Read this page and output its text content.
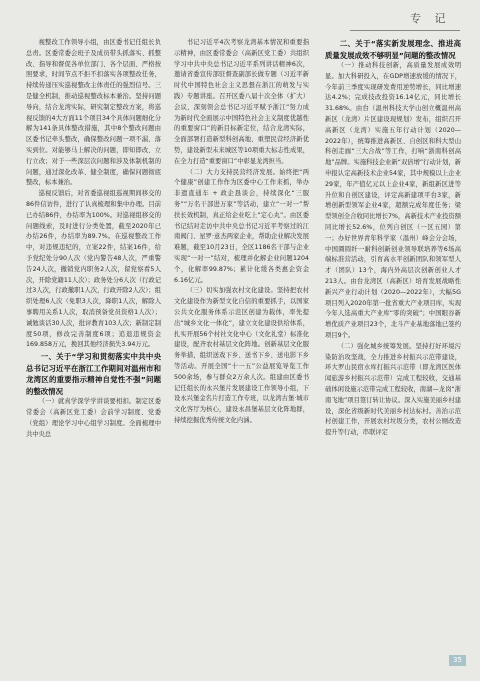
专 记

视整改工作领导小组，由区委书记任组长负总责。区委常委会班子及成员带头抓落实、抓整改、指导和督促各单位部门、各个层面、严格按照要求，时间节点不拒不扣落实各项整改任务，持续传递压实巡视整改主体责任的强烈信号。三是健全机制，推动巡视整改标本兼治。坚持问题导向，结合龙湾实际，研究制定整改方案，将巡视反馈的4大方面11个项目34个具体问题细化分解为141条具体整改措施，其中8个整改问题由区委书记牵头整改，确保整改问题一项不漏、落实到位。对能够马上解决的问题，即知即改、立行立改；对于一些深层次问题和涉及体制机制的问题，通过深化改革、健全制度，确保问题彻底整改，标本兼治。

巡视反馈后，对省委巡视组巡视期间移交的86件信访件，进行了认真梳理和集中办理。目前已办结86件，办结率为100%。对巡视组移交的问题线索，及时进行分类处置，截至2020年已办结26件，办结率为89.7%。在巡视整改工作中，对违规违纪的，立案22件，结案16件，给予党纪处分90人次（党内警告48人次，严重警告24人次，撤销党内职务2人次，留党察看5人次，开除党籍11人次）；政务处分6人次（行政记过3人次，行政撤职1人次，行政开除2人次）；组织处理6人次（免职3人次，降职1人次，解除人事聘用关系1人次，取消预备党员资格1人次）；诫勉谈话30人次，批评教育103人次；新制定制度50项，修改完善制度6项；追退违规资金169.858万元，挽回其他经济损失3.94万元。

一、关于“学习和贯彻落实中共中央总书记习近平在浙江工作期间对温州市和龙湾区的重要指示精神自觉性不强”问题的整改情况

（一）就真学深学学讲谈要相扣。制定区委常委会（高新区党工委）会前学习制度、党委（党组）理论学习中心组学习制度。全面梳理中共中央总

书记习近平4次考察龙湾基本情况和重要指示精神，由区委常委会（高新区党工委）共组织学习中共中央总书记习近平系列讲话精神6次，邀请省委宣传部驻督查副部长做专题（习近平新时代中国特色社会主义思想在浙江的萌发与实践）专题讲座。召开区委八届十次全体（扩大）会议，深刻领会总书记习近平赋予浙江“努力成为新时代全面展示中国特色社会主义制度优越性的重要窗口”的新目标新定位，结合龙湾实际，全面部署打造新型科创高地、重塑民营经济新优势，建设新型未来城区等10项重大标志性成果，在全力打造“重要窗口”中彰显龙湾担当。

（二）大力支持民营经济发展。始终把“两个健康”创建工作作为区委中心工作来抓，举办非遗直通车 + 政企恳谈会，持续深化“三服务”“万名干部进万家”等活动，建立“一对一”帮扶长效机制，真正给企业吃上“定心丸”。由区委书记结对走访中共中央总书记习近平考察过的江南阀门、星罗·意杰两家企业，帮助企业解决发展难题，截至10月23日，全区1186名干部与企业实现“一对一”结对，梳理并化解企业问题1204个，化解率99.87%；累计化缓各类惠企资金6.16亿元。

（三）切实加强农村文化建设。坚持把农村文化建设作为新型文化自信的重要抓手，以国家公共文化服务体系示范区创建为载体，率先提出“城乡文化一体化”，建立文化建设供给体系，扎实开展56个村社文化中心（文化礼堂）标准化建设，配齐农村基层文化阵地。创新基层文化服务举措，组织送戏下乡、送书下乡、送电影下乡等活动。开展全国“十一五”公益展览导览工作500余场，参与群众2万余人次。组建由区委书记任组长的永兴堡片发展建设工作领导小组，下设永兴堡金名片打造工作专班，以龙湾古堡·城市文化客厅为核心，建设永昌堡基层文化阵地群，持续挖掘优秀传统文化内涵。

二、关于“落实新发展理念、推进高质量发展成效不够明显”问题的整改情况

（一）推动科技创新，高质量发展成效明显。加大科研投入，在GDP增速放缓的情况下，今年前三季度实现研发费用逆势增长，同比增速达4.2%；完成技改投资16.14亿元，同比增长31.68%。由台（温州科技大学山创立概温州高新区（龙湾）片区建设现规划）发布，组织召开高新区（龙湾）实施五年行动计划（2020—2022年），统筹推进高新区、自创区和科大型山科创走廊“三大合战”等工作，打响“浙南科创高地”品牌。实施科技企业新“双倍增”行动计划，新申报认定高新技术企业54家，其中规模以上企业29家，年产值亿元以上企业4家，新组新区进等升位和自创区建设，评定高新建项平台3家，新增创新型领军企业4家，超额完成年度任务；梁型领创全合收同比增长7%，高新技术产业投资额同比增长52.6%，位列自创区（一区五园）第一；办好世界青年科学家（温州）峰会分会场，中国圈圆纤一耐科创新创业领导联培养等6场高端标准营活动，引育高水平创新团队和领军型人才（团队）13个，海内外高层次创新创业人才213人。由台龙湾区（高新区）培育发展战略性新兴产业行动计划（2020—2022年），大幅5G项目列入2020年第一批省重大产业项目库，实现今年人选高重大产业库“零的突破”；中国眼谷新增优质产业项目23个，北斗产业基地落地已签约项目9个。

（二）强化城乡统筹发展。坚持打好环境污染防治攻坚战，全力推进乡村振兴示范带建设，环大罗山民宿水库打振兴示范带（即龙湾区医体闻旅游乡村振兴示范带）完成工程较收，交通基础体闲设施示范带完成工程较收，南湖—龙岗“浙南飞地”项目签订转让协议。深入实施美丽乡村建设，深化省级新时代美丽乡村达标村。善治示范村创建工作，开展农村垃圾分类，农村公厕改造提升等行动，串联评定

35
